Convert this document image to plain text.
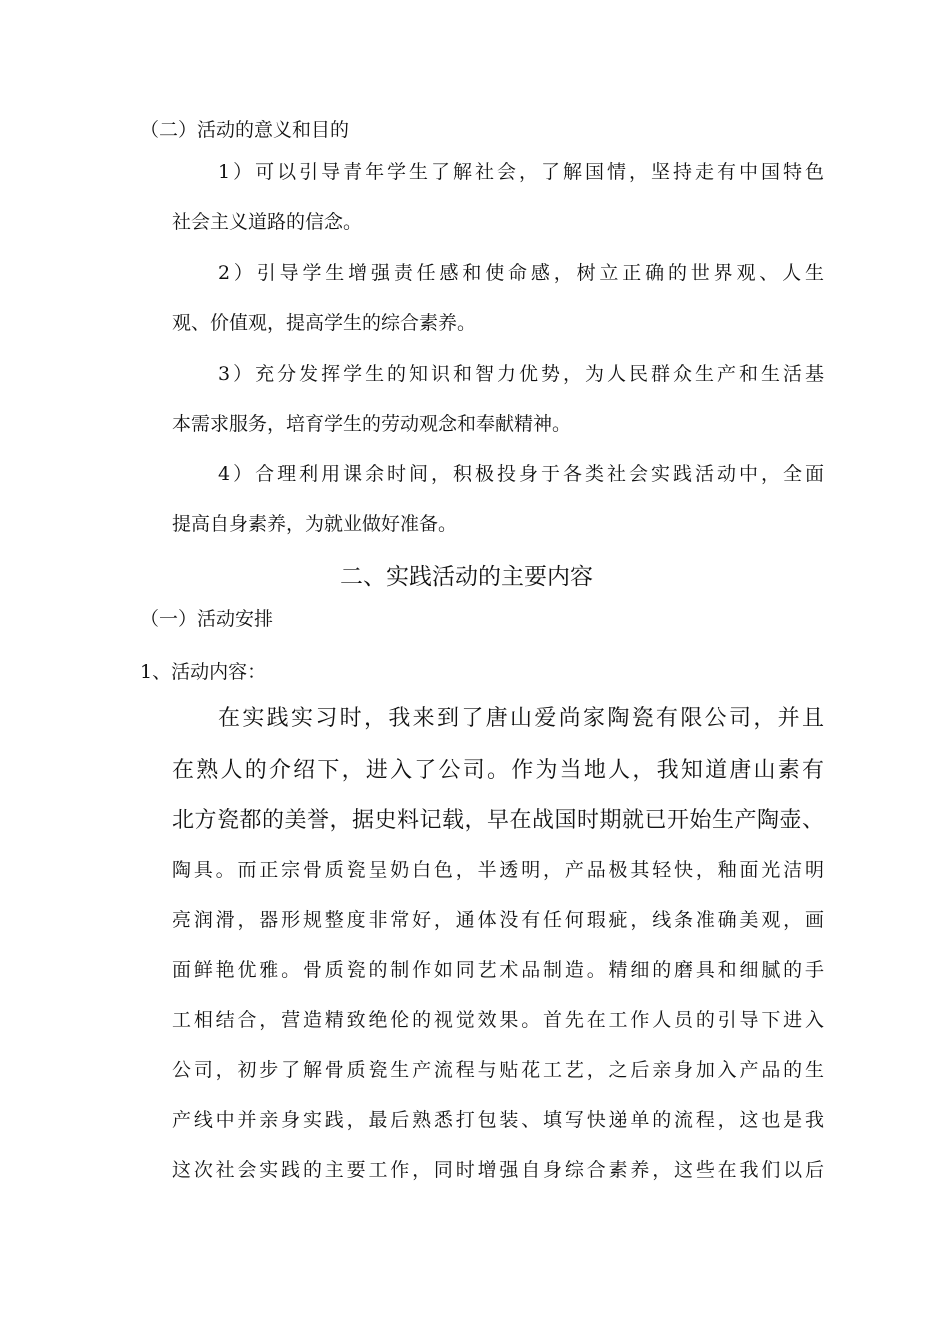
（二）活动的意义和目的
1）可以引导青年学生了解社会，了解国情，坚持走有中国特色
社会主义道路的信念。
2）引导学生增强责任感和使命感，树立正确的世界观、人生
观、价值观，提高学生的综合素养。
3）充分发挥学生的知识和智力优势，为人民群众生产和生活基
本需求服务，培育学生的劳动观念和奉献精神。
4）合理利用课余时间，积极投身于各类社会实践活动中，全面
提高自身素养，为就业做好准备。
二、实践活动的主要内容
（一）活动安排
1、活动内容：
在实践实习时，我来到了唐山爱尚家陶瓷有限公司，并且
在熟人的介绍下，进入了公司。作为当地人，我知道唐山素有
北方瓷都的美誉，据史料记载，早在战国时期就已开始生产陶壶、
陶具。而正宗骨质瓷呈奶白色，半透明，产品极其轻快，釉面光洁明
亮润滑，器形规整度非常好，通体没有任何瑕疵，线条准确美观，画
面鲜艳优雅。骨质瓷的制作如同艺术品制造。精细的磨具和细腻的手
工相结合，营造精致绝伦的视觉效果。首先在工作人员的引导下进入
公司，初步了解骨质瓷生产流程与贴花工艺，之后亲身加入产品的生
产线中并亲身实践，最后熟悉打包装、填写快递单的流程，这也是我
这次社会实践的主要工作，同时增强自身综合素养，这些在我们以后
